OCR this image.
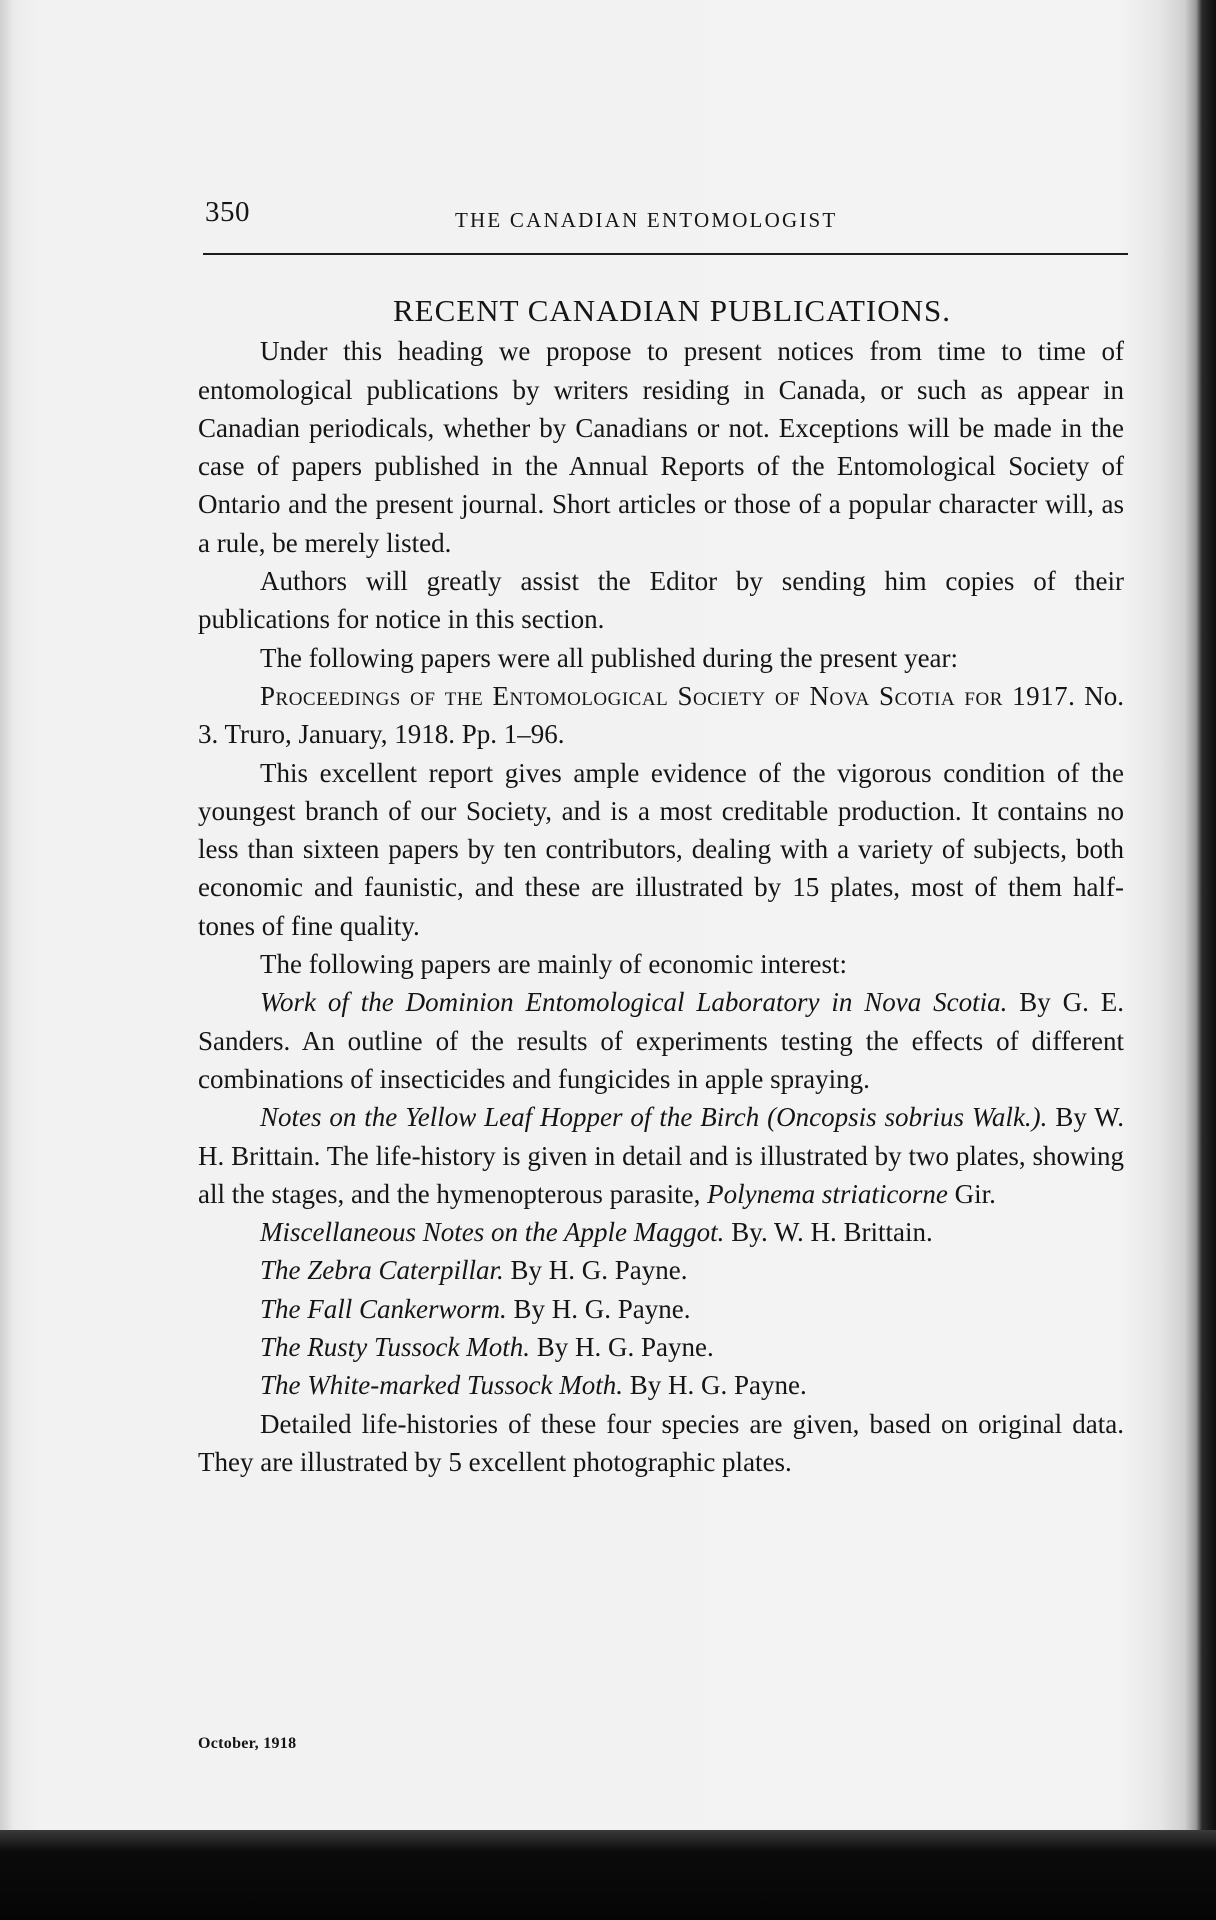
350	THE CANADIAN ENTOMOLOGIST
RECENT CANADIAN PUBLICATIONS.

Under this heading we propose to present notices from time to time of entomological publications by writers residing in Canada, or such as appear in Canadian periodicals, whether by Canadians or not. Exceptions will be made in the case of papers published in the Annual Reports of the Entomological Society of Ontario and the present journal. Short articles or those of a popular character will, as a rule, be merely listed.

Authors will greatly assist the Editor by sending him copies of their publications for notice in this section.

The following papers were all published during the present year:

Proceedings of the Entomological Society of Nova Scotia for 1917. No. 3. Truro, January, 1918. Pp. 1–96.

This excellent report gives ample evidence of the vigorous condition of the youngest branch of our Society, and is a most creditable production. It contains no less than sixteen papers by ten contributors, dealing with a variety of subjects, both economic and faunistic, and these are illustrated by 15 plates, most of them half-tones of fine quality.

The following papers are mainly of economic interest:

Work of the Dominion Entomological Laboratory in Nova Scotia. By G. E. Sanders. An outline of the results of experiments testing the effects of different combinations of insecticides and fungicides in apple spraying.

Notes on the Yellow Leaf Hopper of the Birch (Oncopsis sobrius Walk.). By W. H. Brittain. The life-history is given in detail and is illustrated by two plates, showing all the stages, and the hymenopterous parasite, Polynema striaticorne Gir.

Miscellaneous Notes on the Apple Maggot. By. W. H. Brittain.
The Zebra Caterpillar. By H. G. Payne.
The Fall Cankerworm. By H. G. Payne.
The Rusty Tussock Moth. By H. G. Payne.
The White-marked Tussock Moth. By H. G. Payne.

Detailed life-histories of these four species are given, based on original data. They are illustrated by 5 excellent photographic plates.

October, 1918
